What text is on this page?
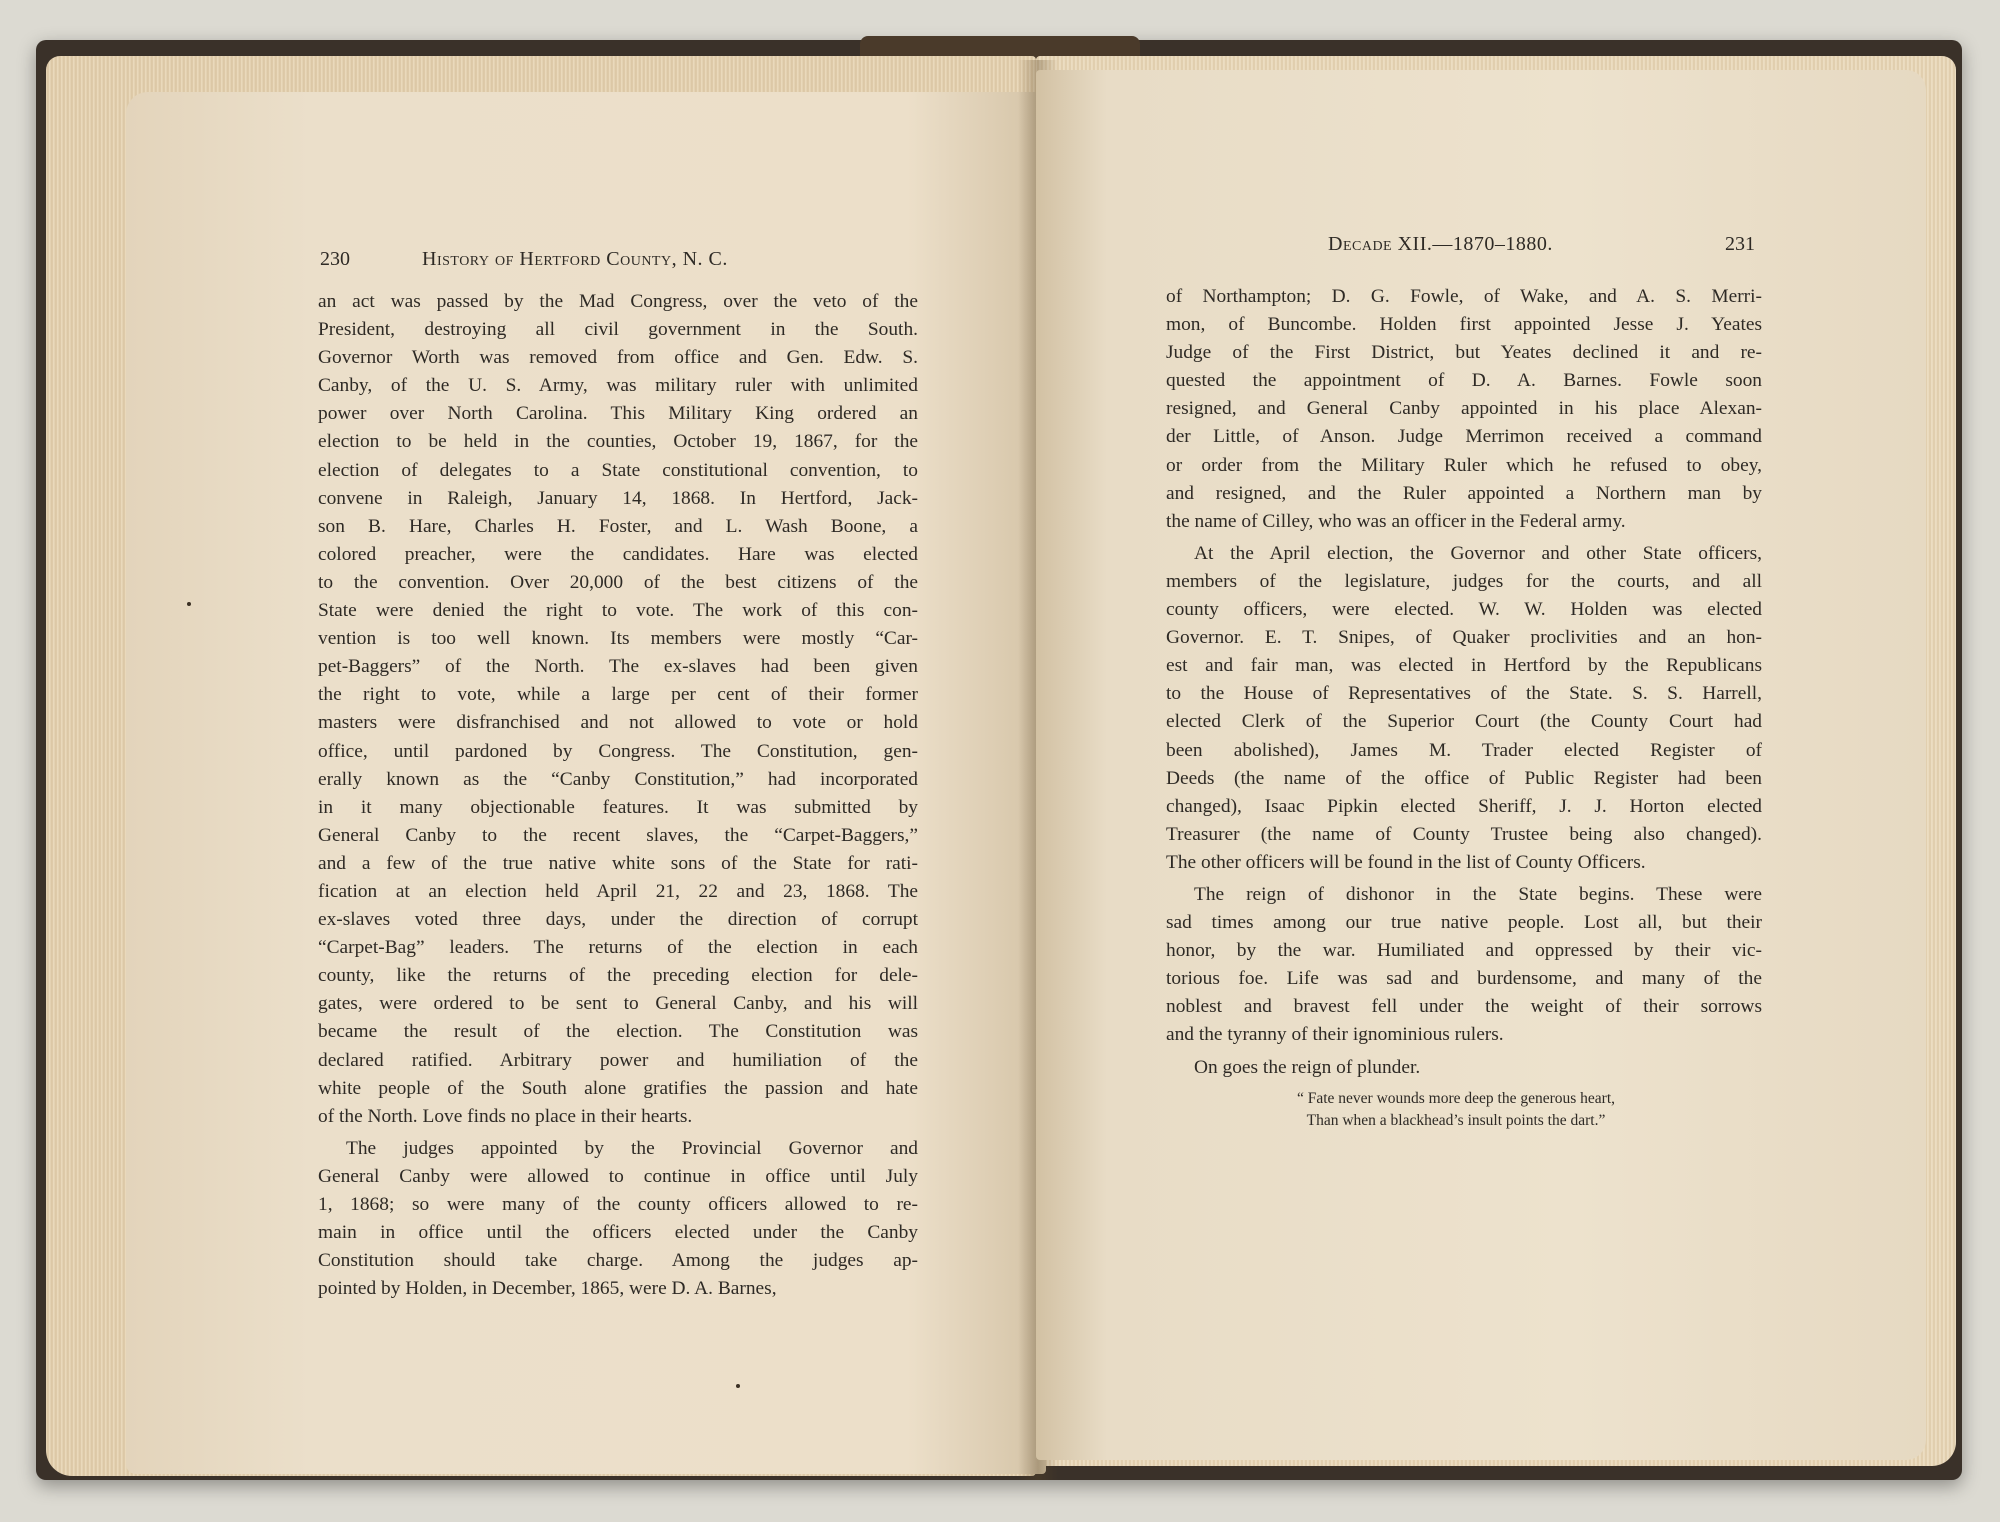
230	History of Hertford County, N. C.
an act was passed by the Mad Congress, over the veto of the
President, destroying all civil government in the South.
Governor Worth was removed from office and Gen. Edw. S.
Canby, of the U. S. Army, was military ruler with unlimited
power over North Carolina. This Military King ordered an
election to be held in the counties, October 19, 1867, for the
election of delegates to a State constitutional convention, to
convene in Raleigh, January 14, 1868. In Hertford, Jack-
son B. Hare, Charles H. Foster, and L. Wash Boone, a
colored preacher, were the candidates. Hare was elected
to the convention. Over 20,000 of the best citizens of the
State were denied the right to vote. The work of this con-
vention is too well known. Its members were mostly “Car-
pet-Baggers” of the North. The ex-slaves had been given
the right to vote, while a large per cent of their former
masters were disfranchised and not allowed to vote or hold
office, until pardoned by Congress. The Constitution, gen-
erally known as the “Canby Constitution,” had incorporated
in it many objectionable features. It was submitted by
General Canby to the recent slaves, the “Carpet-Baggers,”
and a few of the true native white sons of the State for rati-
fication at an election held April 21, 22 and 23, 1868. The
ex-slaves voted three days, under the direction of corrupt
“Carpet-Bag” leaders. The returns of the election in each
county, like the returns of the preceding election for dele-
gates, were ordered to be sent to General Canby, and his will
became the result of the election. The Constitution was
declared ratified. Arbitrary power and humiliation of the
white people of the South alone gratifies the passion and hate
of the North. Love finds no place in their hearts.
The judges appointed by the Provincial Governor and
General Canby were allowed to continue in office until July
1, 1868; so were many of the county officers allowed to re-
main in office until the officers elected under the Canby
Constitution should take charge. Among the judges ap-
pointed by Holden, in December, 1865, were D. A. Barnes,
Decade XII.—1870–1880.	231
of Northampton; D. G. Fowle, of Wake, and A. S. Merri-
mon, of Buncombe. Holden first appointed Jesse J. Yeates
Judge of the First District, but Yeates declined it and re-
quested the appointment of D. A. Barnes. Fowle soon
resigned, and General Canby appointed in his place Alexan-
der Little, of Anson. Judge Merrimon received a command
or order from the Military Ruler which he refused to obey,
and resigned, and the Ruler appointed a Northern man by
the name of Cilley, who was an officer in the Federal army.
At the April election, the Governor and other State officers,
members of the legislature, judges for the courts, and all
county officers, were elected. W. W. Holden was elected
Governor. E. T. Snipes, of Quaker proclivities and an hon-
est and fair man, was elected in Hertford by the Republicans
to the House of Representatives of the State. S. S. Harrell,
elected Clerk of the Superior Court (the County Court had
been abolished), James M. Trader elected Register of
Deeds (the name of the office of Public Register had been
changed), Isaac Pipkin elected Sheriff, J. J. Horton elected
Treasurer (the name of County Trustee being also changed).
The other officers will be found in the list of County Officers.
The reign of dishonor in the State begins. These were
sad times among our true native people. Lost all, but their
honor, by the war. Humiliated and oppressed by their vic-
torious foe. Life was sad and burdensome, and many of the
noblest and bravest fell under the weight of their sorrows
and the tyranny of their ignominious rulers.
On goes the reign of plunder.
“ Fate never wounds more deep the generous heart,
Than when a blackhead’s insult points the dart.”
